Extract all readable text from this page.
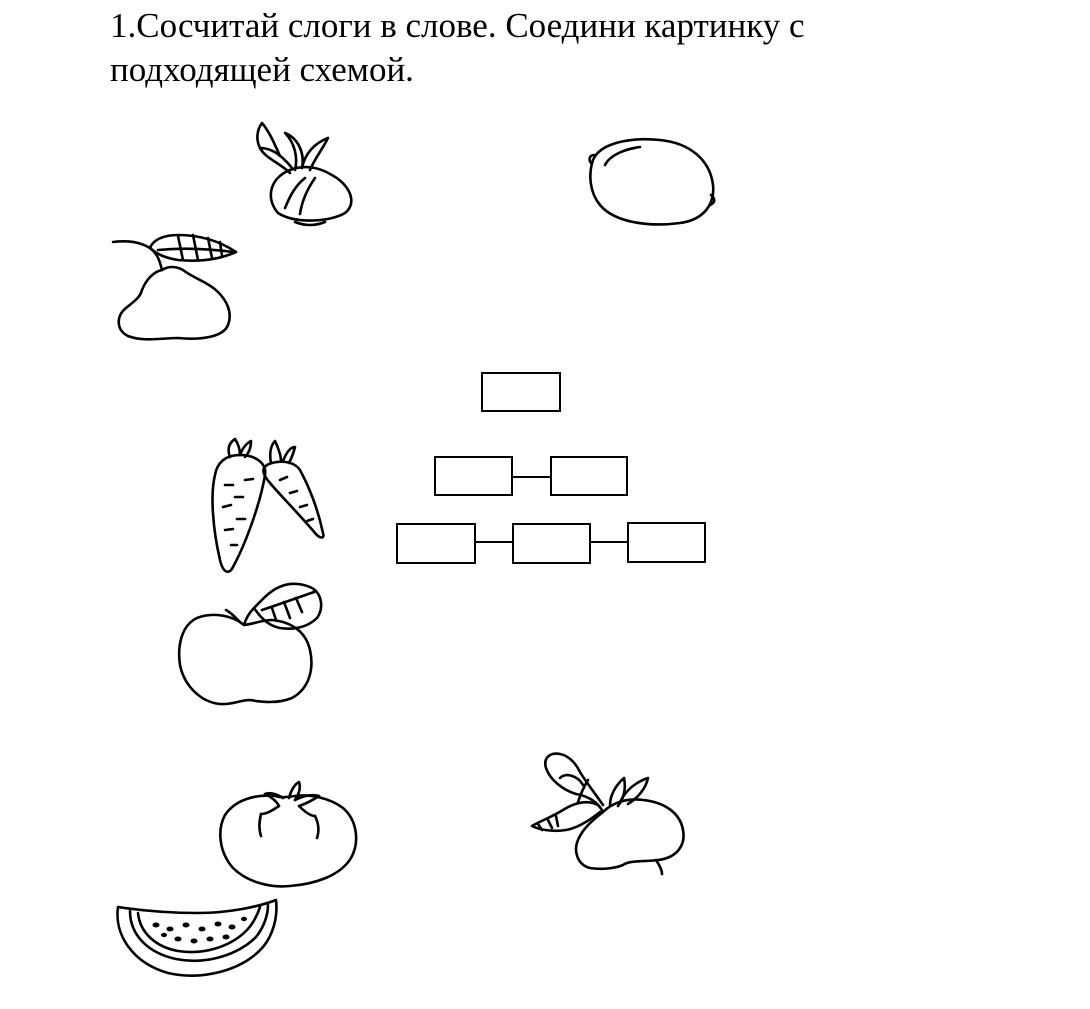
1.Сосчитай слоги в слове. Соедини картинку с
подходящей схемой.
